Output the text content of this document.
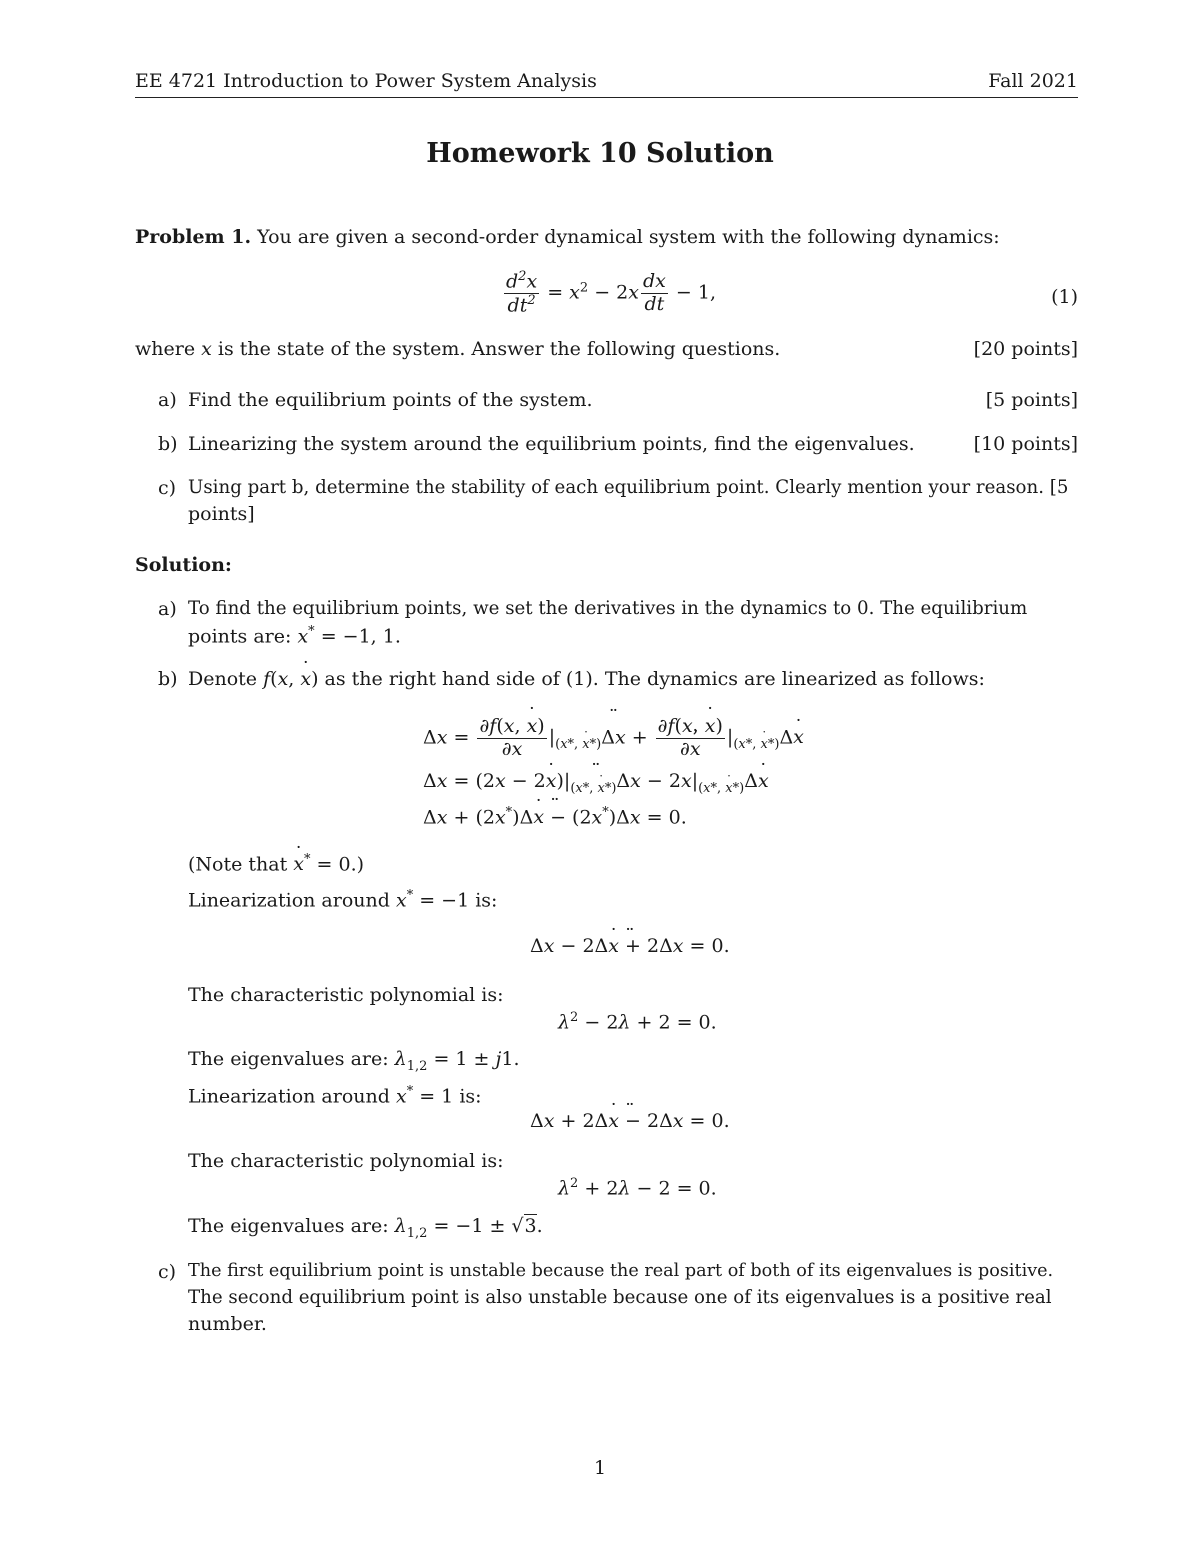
EE 4721 Introduction to Power System Analysis	Fall 2021
Homework 10 Solution
Problem 1. You are given a second-order dynamical system with the following dynamics:
$\frac{d^2x}{dt^2} = x^2 - 2x \frac{dx}{dt} - 1$,	(1)
where x is the state of the system. Answer the following questions.	[20 points]
a) Find the equilibrium points of the system.	[5 points]
b) Linearizing the system around the equilibrium points, find the eigenvalues.	[10 points]
c) Using part b, determine the stability of each equilibrium point. Clearly mention your reason. [5
points]
Solution:
a) To find the equilibrium points, we set the derivatives in the dynamics to 0. The equilibrium
points are: x* = −1, 1.
b) Denote f(x, x ˙) as the right hand side of (1). The dynamics are linearized as follows:
Δx ¨ = $\frac{\partial f(x, x ˙)}{\partial x} |_{(x*, x ˙*)}\Delta x + \frac{\partial f(x, x ˙)}{\partial x}$ ˙ $|_{(x*, x ˙*)}\Delta x$ ˙
Δx ¨ = (2x − 2x $˙)|_{(x*, x ˙*)}\Delta x - 2x|_{(x*, x ˙*)}\Delta x$ ˙
Δx ¨ + (2x*)Δx ˙ − (2x*)Δx = 0.
(Note that x ˙* = 0.)
Linearization around x* = −1 is:
Δx ¨ − 2Δx ˙ + 2Δx = 0.
The characteristic polynomial is:
$\lambda^2 - 2\lambda + 2 = 0$.
The eigenvalues are: $\lambda_{1,2} = 1 \pm j1$.
Linearization around x* = 1 is:
Δx ¨ + 2Δx ˙ − 2Δx = 0.
The characteristic polynomial is:
$\lambda^2 + 2\lambda - 2 = 0$.
The eigenvalues are: $\lambda_{1,2} = -1 \pm √3$.
c) The first equilibrium point is unstable because the real part of both of its eigenvalues is positive.
The second equilibrium point is also unstable because one of its eigenvalues is a positive real
number.
1
